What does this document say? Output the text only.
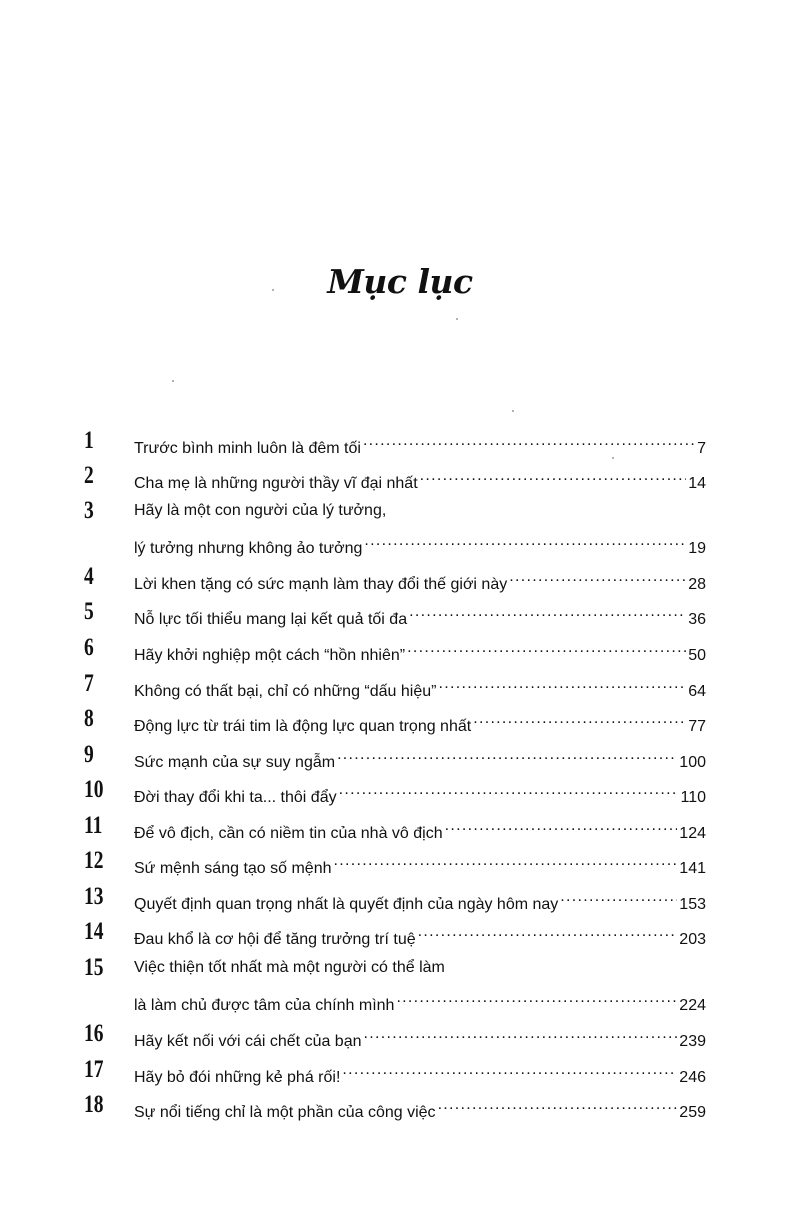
Mục lục
1	Trước bình minh luôn là đêm tối .....	7
2	Cha mẹ là những người thầy vĩ đại nhất .....	14
3	Hãy là một con người của lý tưởng,
lý tưởng nhưng không ảo tưởng .....	19
4	Lời khen tặng có sức mạnh làm thay đổi thế giới này .....	28
5	Nỗ lực tối thiểu mang lại kết quả tối đa .....	36
6	Hãy khởi nghiệp một cách “hồn nhiên” .....	50
7	Không có thất bại, chỉ có những “dấu hiệu” .....	64
8	Động lực từ trái tim là động lực quan trọng nhất .....	77
9	Sức mạnh của sự suy ngẫm .....	100
10	Đời thay đổi khi ta... thôi đẩy .....	110
11	Để vô địch, cần có niềm tin của nhà vô địch .....	124
12	Sứ mệnh sáng tạo số mệnh .....	141
13	Quyết định quan trọng nhất là quyết định của ngày hôm nay .....	153
14	Đau khổ là cơ hội để tăng trưởng trí tuệ .....	203
15	Việc thiện tốt nhất mà một người có thể làm
là làm chủ được tâm của chính mình .....	224
16	Hãy kết nối với cái chết của bạn .....	239
17	Hãy bỏ đói những kẻ phá rối! .....	246
18	Sự nổi tiếng chỉ là một phần của công việc .....	259
